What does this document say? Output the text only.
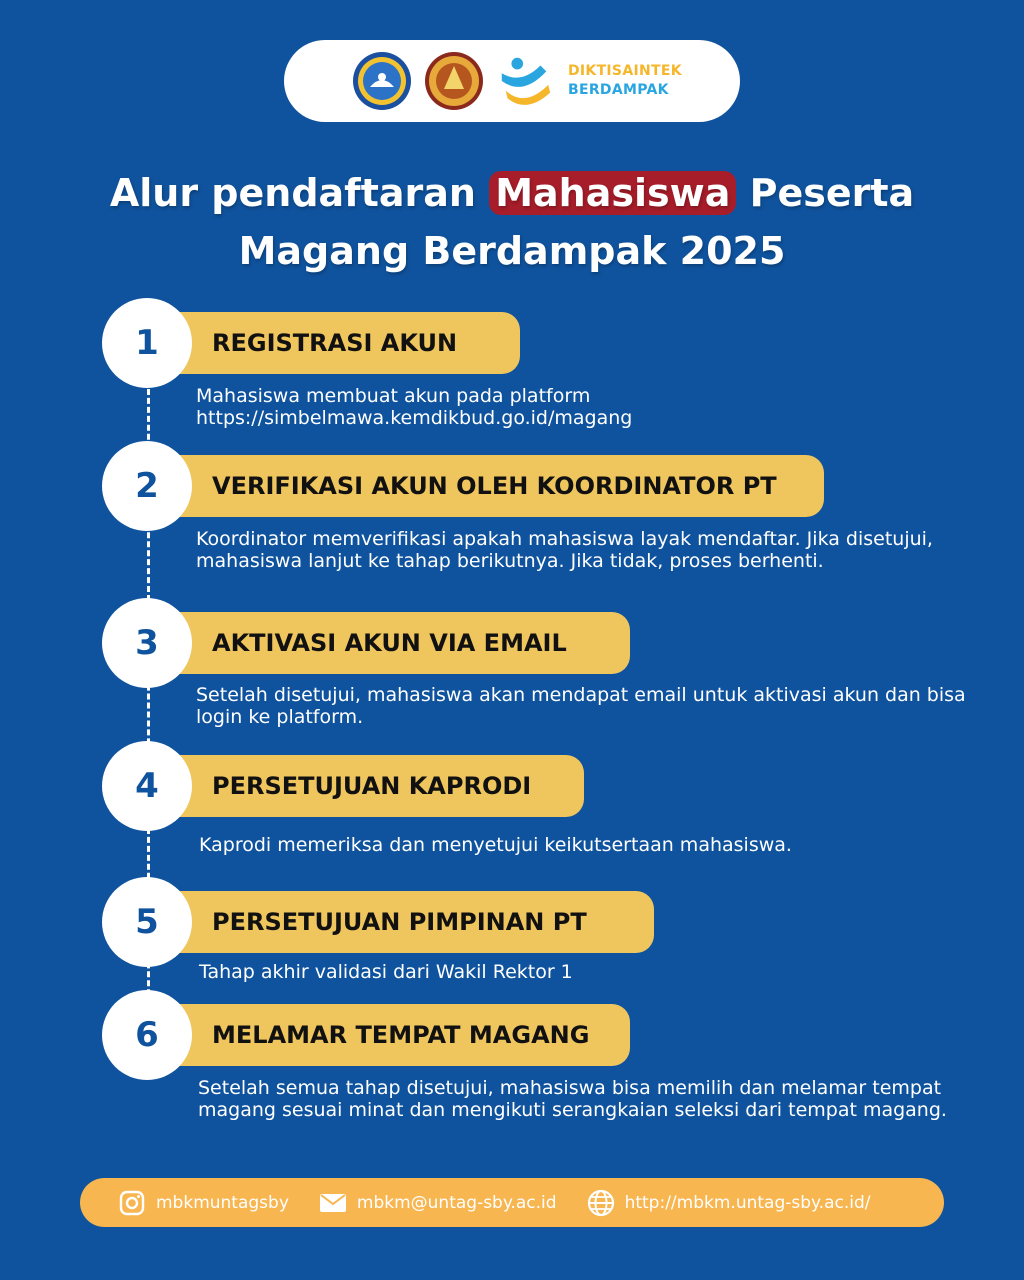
DIKTISAINTEK
BERDAMPAK
Alur pendaftaran Mahasiswa Peserta
Magang Berdampak 2025
REGISTRASI AKUN
1
Mahasiswa membuat akun pada platform
https://simbelmawa.kemdikbud.go.id/magang
VERIFIKASI AKUN OLEH KOORDINATOR PT
2
Koordinator memverifikasi apakah mahasiswa layak mendaftar. Jika disetujui, mahasiswa lanjut ke tahap berikutnya. Jika tidak, proses berhenti.
AKTIVASI AKUN VIA EMAIL
3
Setelah disetujui, mahasiswa akan mendapat email untuk aktivasi akun dan bisa login ke platform.
PERSETUJUAN KAPRODI
4
Kaprodi memeriksa dan menyetujui keikutsertaan mahasiswa.
PERSETUJUAN PIMPINAN PT
5
Tahap akhir validasi dari Wakil Rektor 1
MELAMAR TEMPAT MAGANG
6
Setelah semua tahap disetujui, mahasiswa bisa memilih dan melamar tempat magang sesuai minat dan mengikuti serangkaian seleksi dari tempat magang.
mbkmuntagsby	mbkm@untag-sby.ac.id	http://mbkm.untag-sby.ac.id/
